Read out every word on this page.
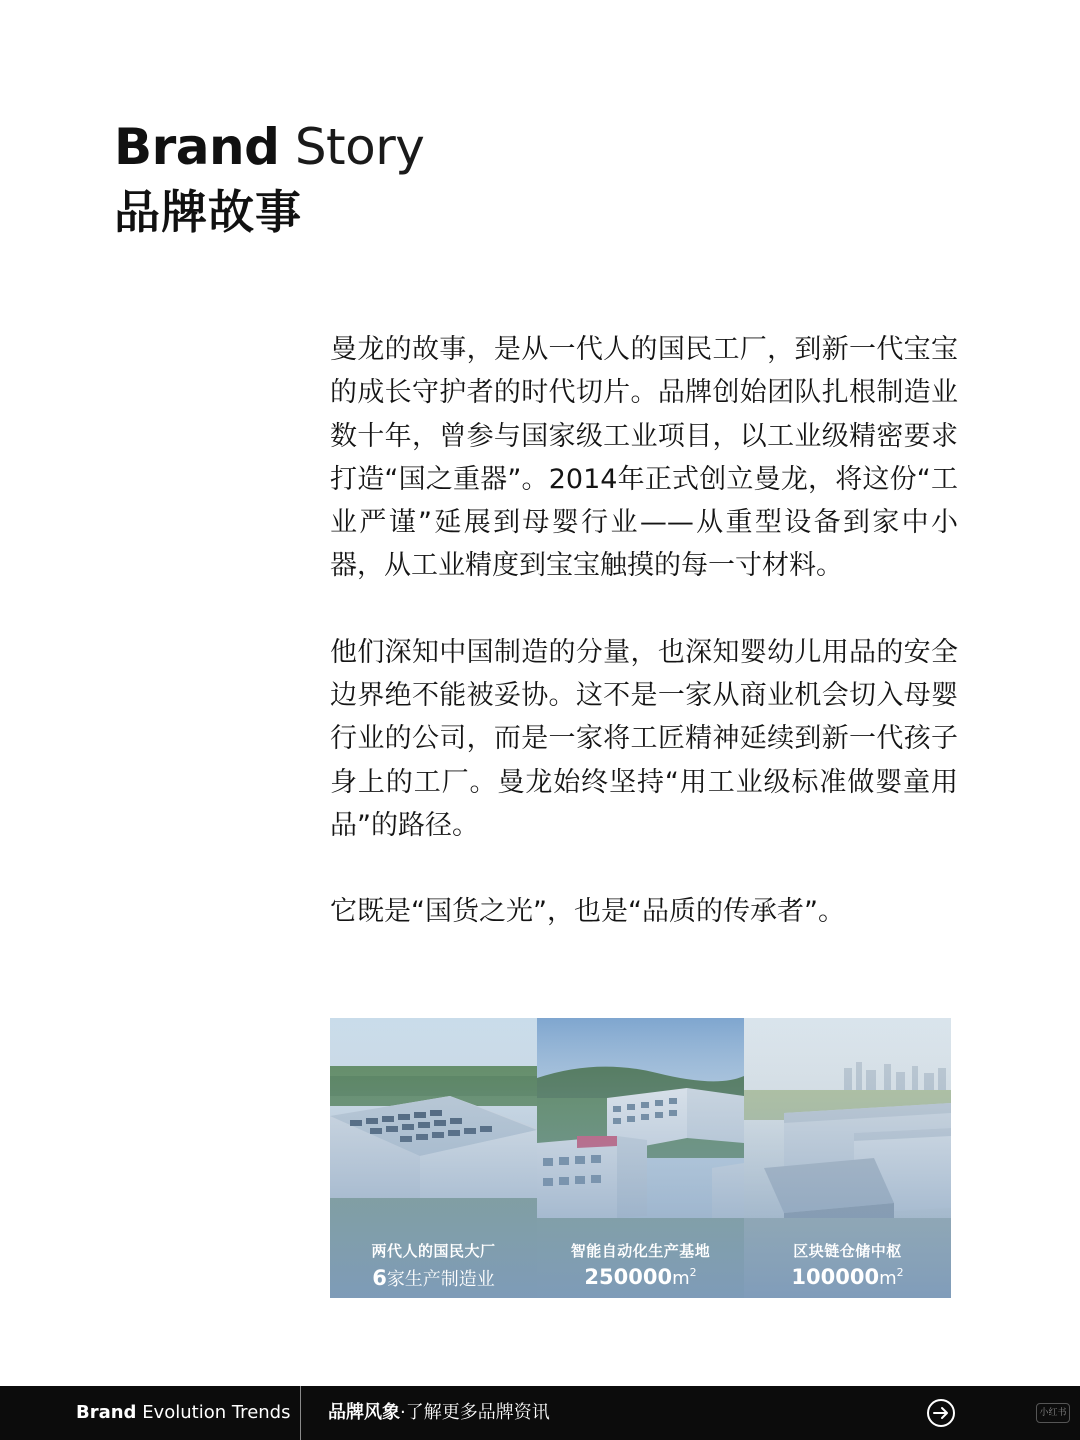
Brand Story
品牌故事

曼龙的故事，是从一代人的国民工厂，到新一代宝宝的成长守护者的时代切片。品牌创始团队扎根制造业数十年，曾参与国家级工业项目，以工业级精密要求打造“国之重器”。2014年正式创立曼龙，将这份“工业严谨”延展到母婴行业——从重型设备到家中小器，从工业精度到宝宝触摸的每一寸材料。

他们深知中国制造的分量，也深知婴幼儿用品的安全边界绝不能被妥协。这不是一家从商业机会切入母婴行业的公司，而是一家将工匠精神延续到新一代孩子身上的工厂。曼龙始终坚持“用工业级标准做婴童用品”的路径。

它既是“国货之光”，也是“品质的传承者”。

两代人的国民大厂
6家生产制造业
智能自动化生产基地
$250000m^2$
区块链仓储中枢
$100000m^2$
Brand Evolution Trends 品牌风象·了解更多品牌资讯	小红书
